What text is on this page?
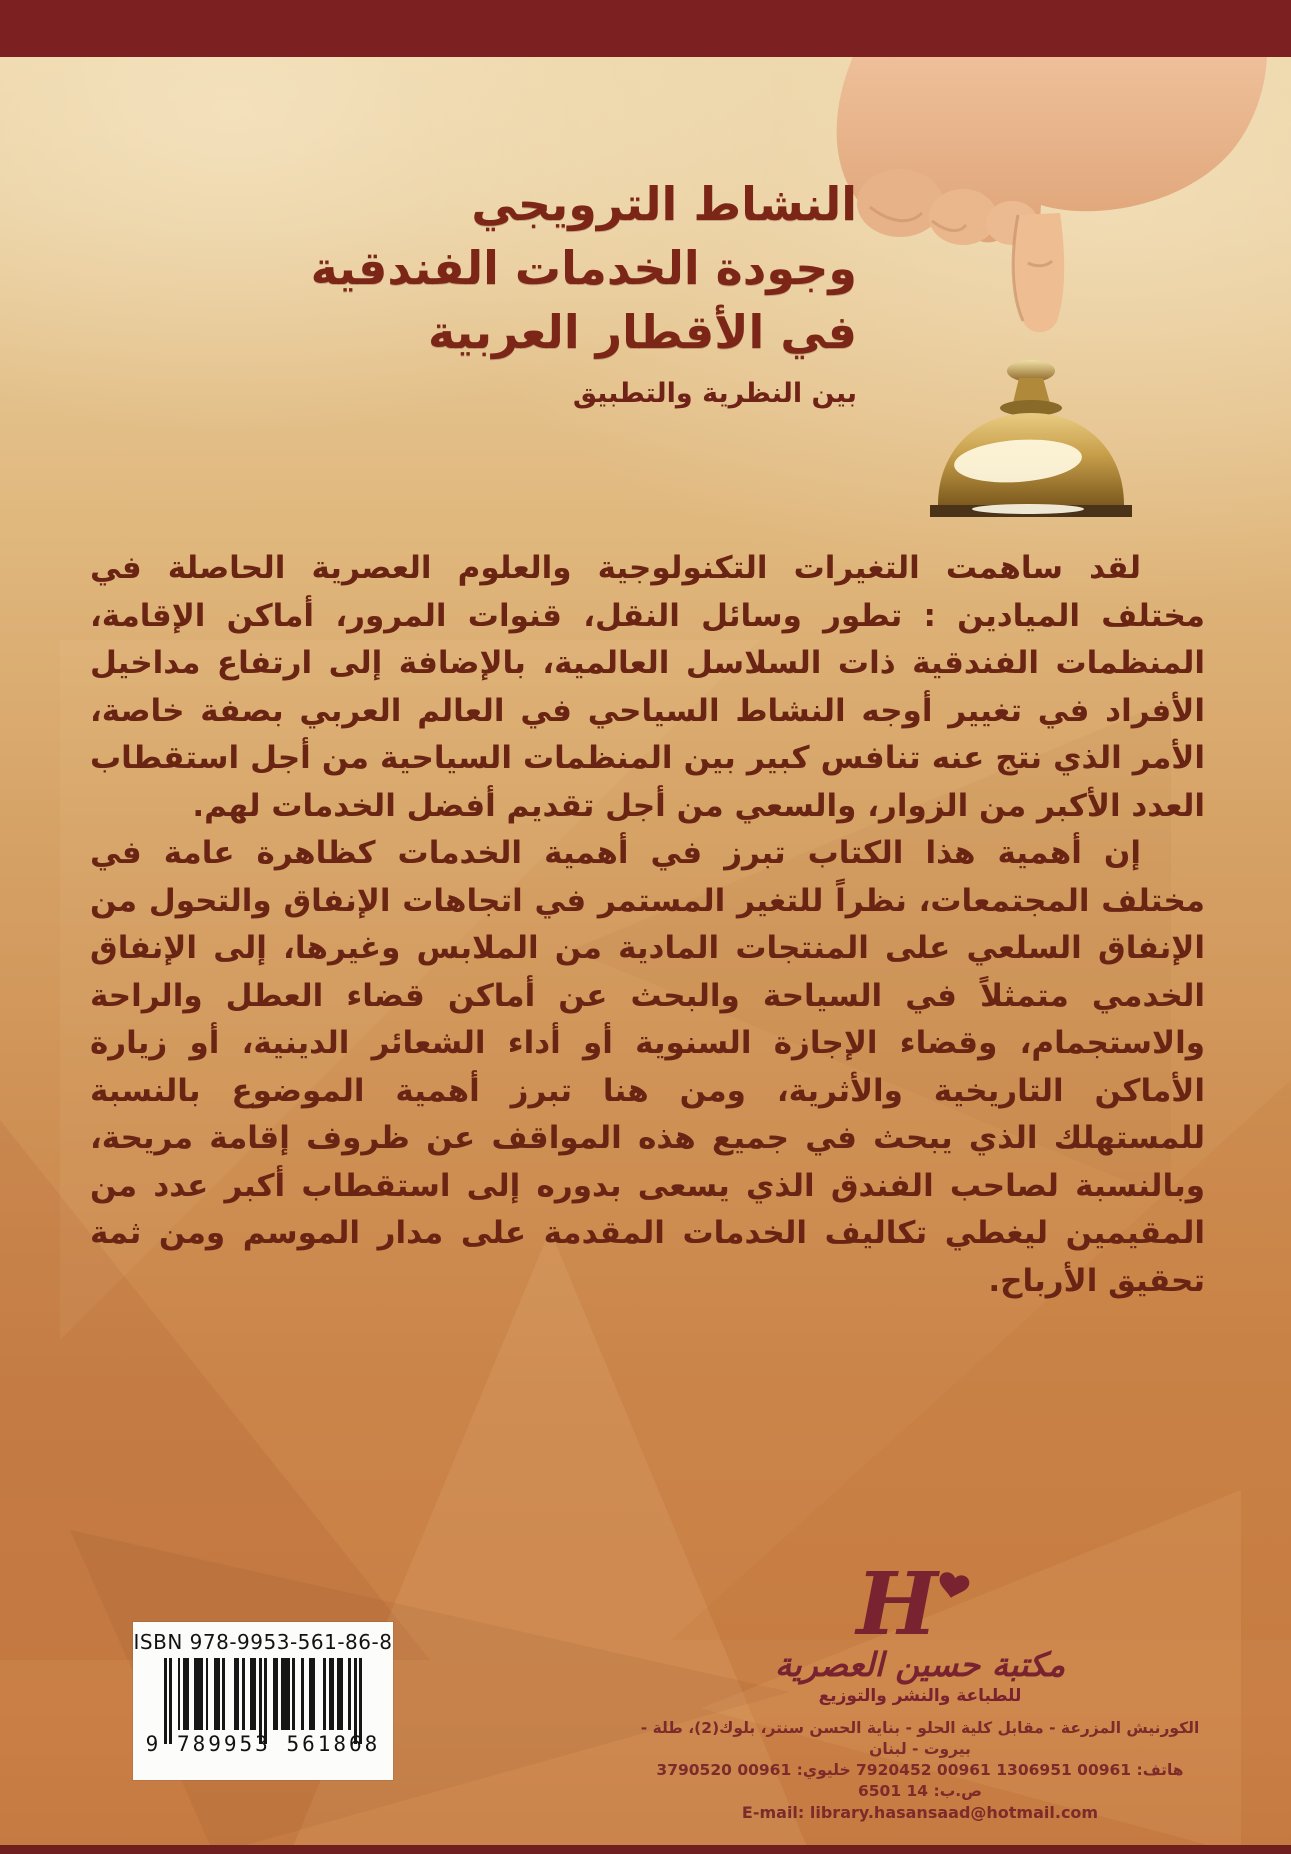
النشاط الترويجي
وجودة الخدمات الفندقية
في الأقطار العربية
بين النظرية والتطبيق

لقد ساهمت التغيرات التكنولوجية والعلوم العصرية الحاصلة في مختلف الميادين : تطور وسائل النقل، قنوات المرور، أماكن الإقامة، المنظمات الفندقية ذات السلاسل العالمية، بالإضافة إلى ارتفاع مداخيل الأفراد في تغيير أوجه النشاط السياحي في العالم العربي بصفة خاصة، الأمر الذي نتج عنه تنافس كبير بين المنظمات السياحية من أجل استقطاب العدد الأكبر من الزوار، والسعي من أجل تقديم أفضل الخدمات لهم.

إن أهمية هذا الكتاب تبرز في أهمية الخدمات كظاهرة عامة في مختلف المجتمعات، نظراً للتغير المستمر في اتجاهات الإنفاق والتحول من الإنفاق السلعي على المنتجات المادية من الملابس وغيرها، إلى الإنفاق الخدمي متمثلاً في السياحة والبحث عن أماكن قضاء العطل والراحة والاستجمام، وقضاء الإجازة السنوية أو أداء الشعائر الدينية، أو زيارة الأماكن التاريخية والأثرية، ومن هنا تبرز أهمية الموضوع بالنسبة للمستهلك الذي يبحث في جميع هذه المواقف عن ظروف إقامة مريحة، وبالنسبة لصاحب الفندق الذي يسعى بدوره إلى استقطاب أكبر عدد من المقيمين ليغطي تكاليف الخدمات المقدمة على مدار الموسم ومن ثمة تحقيق الأرباح.

ISBN 978-9953-561-86-8
9 789953 561868
H
مكتبة حسين العصرية
للطباعة والنشر والتوزيع
الكورنيش المزرعة - مقابل كلية الحلو - بناية الحسن سنتر، بلوك(2)، طلة - بيروت - لبنان
هاتف: 00961 1306951 00961 7920452 خليوي: 00961 3790520 ص.ب: 14 6501
E-mail: library.hasansaad@hotmail.com
